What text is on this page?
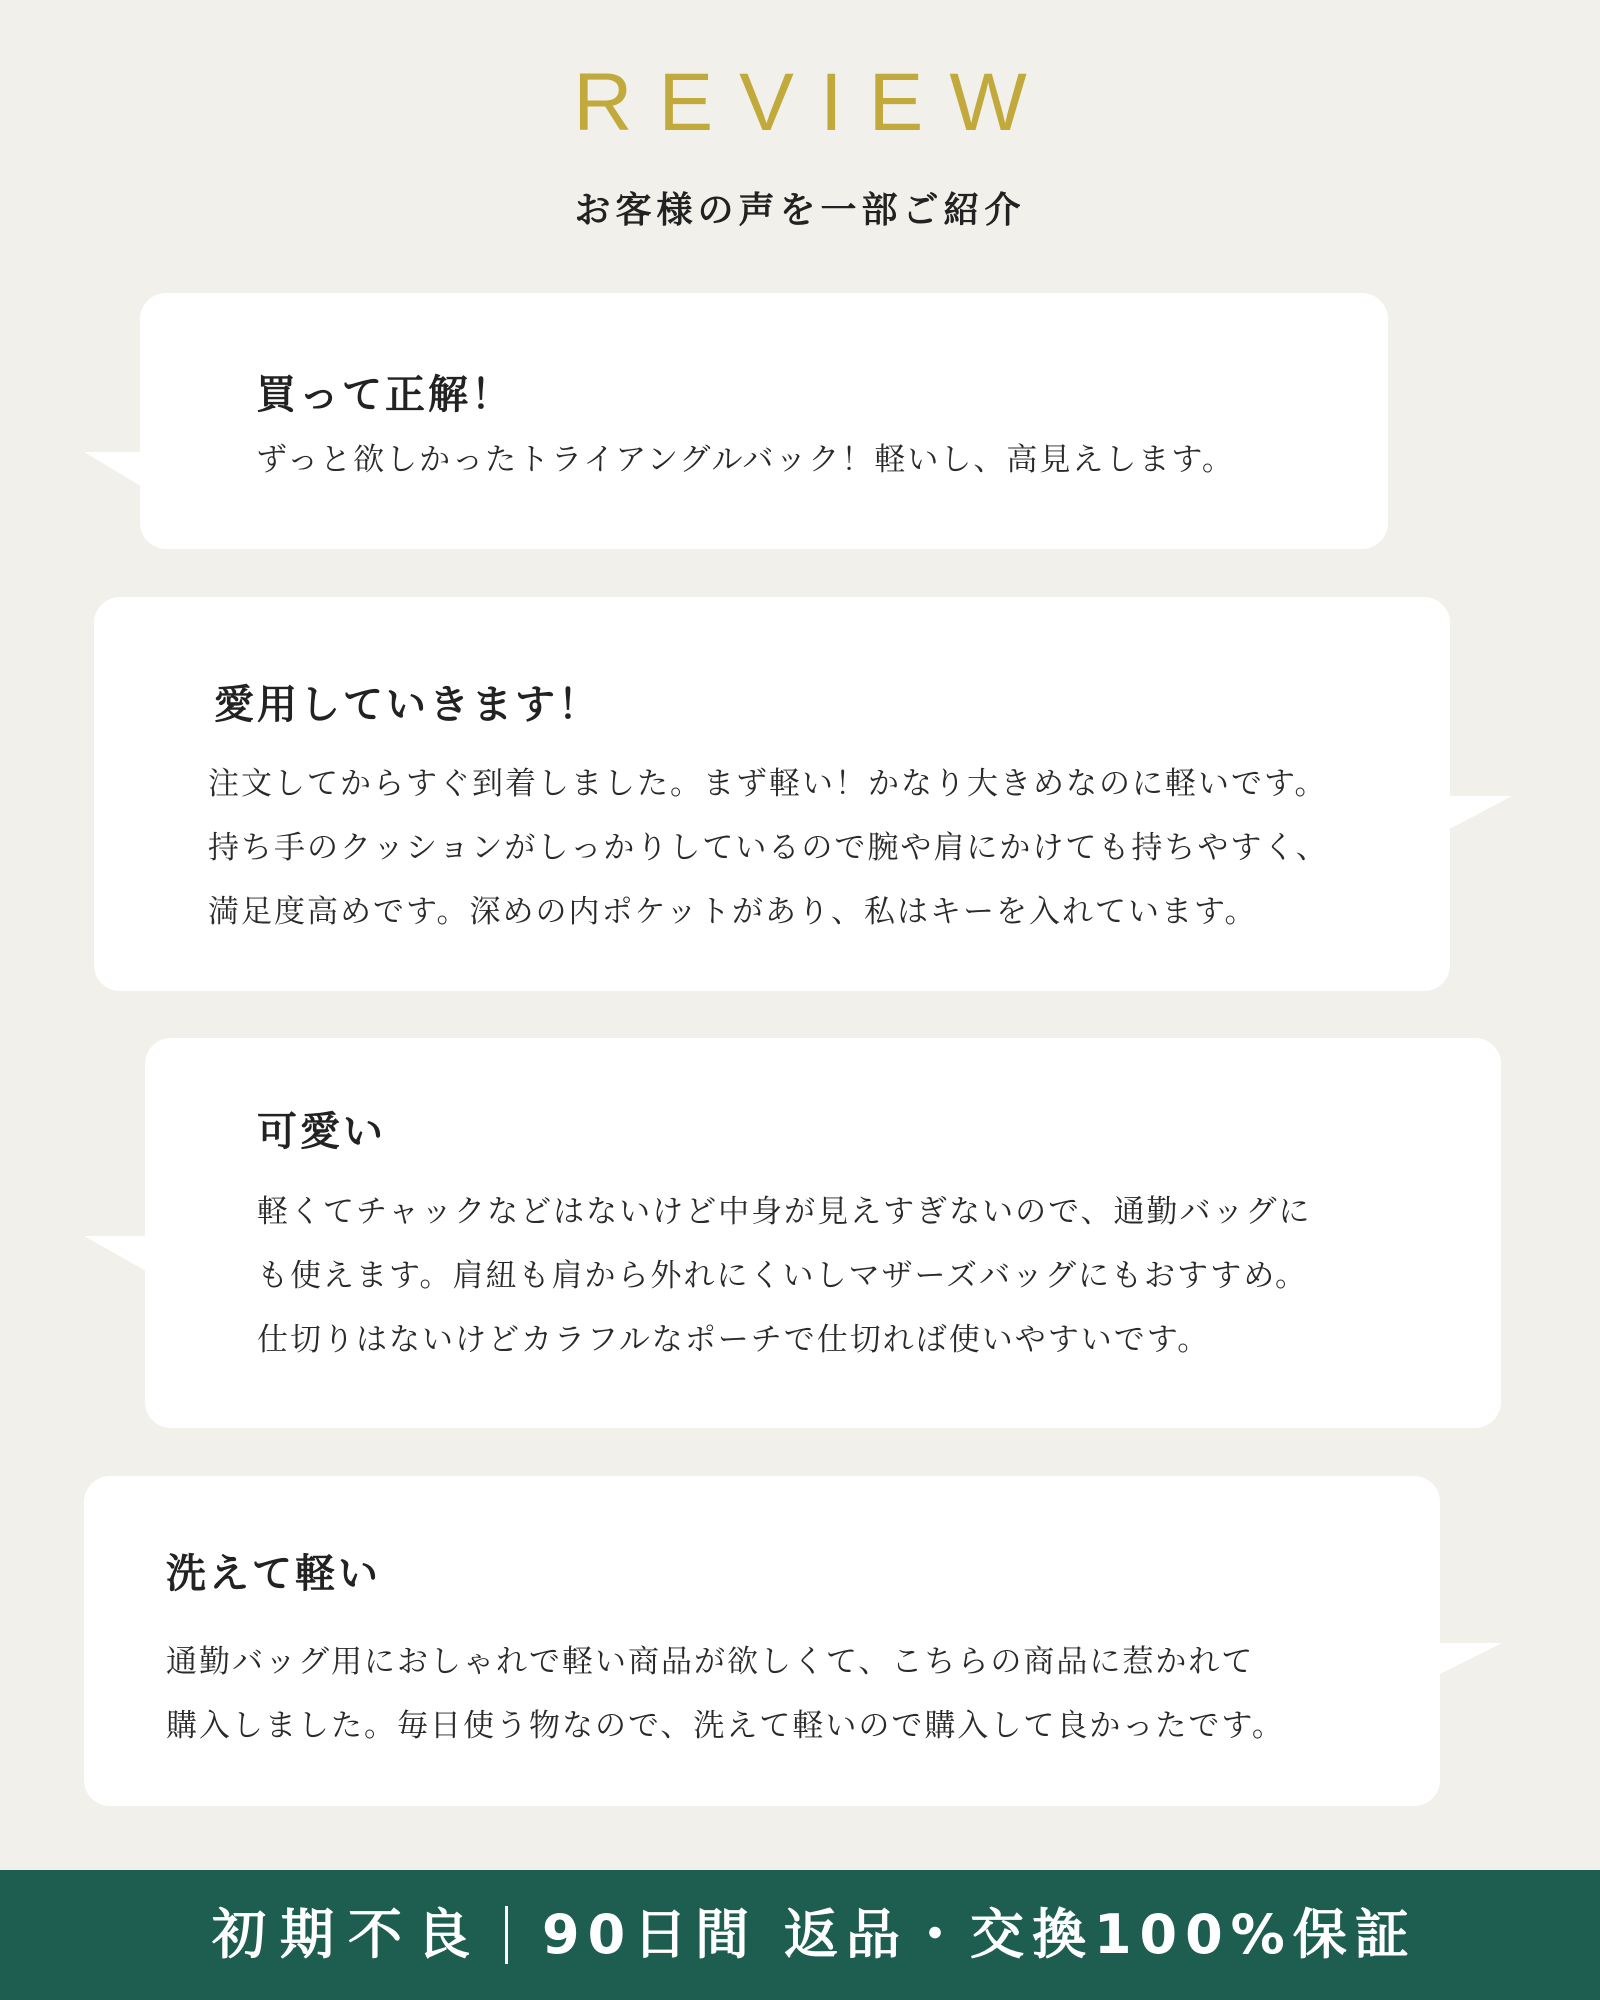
REVIEW
お客様の声を一部ご紹介
買って正解！
ずっと欲しかったトライアングルバック！軽いし、高見えします。
愛用していきます！
注文してからすぐ到着しました。まず軽い！かなり大きめなのに軽いです。
持ち手のクッションがしっかりしているので腕や肩にかけても持ちやすく、
満足度高めです。深めの内ポケットがあり、私はキーを入れています。
可愛い
軽くてチャックなどはないけど中身が見えすぎないので、通勤バッグに
も使えます。肩紐も肩から外れにくいしマザーズバッグにもおすすめ。
仕切りはないけどカラフルなポーチで仕切れば使いやすいです。
洗えて軽い
通勤バッグ用におしゃれで軽い商品が欲しくて、こちらの商品に惹かれて
購入しました。毎日使う物なので、洗えて軽いので購入して良かったです。
初期不良 90日間 返品・交換100%保証
